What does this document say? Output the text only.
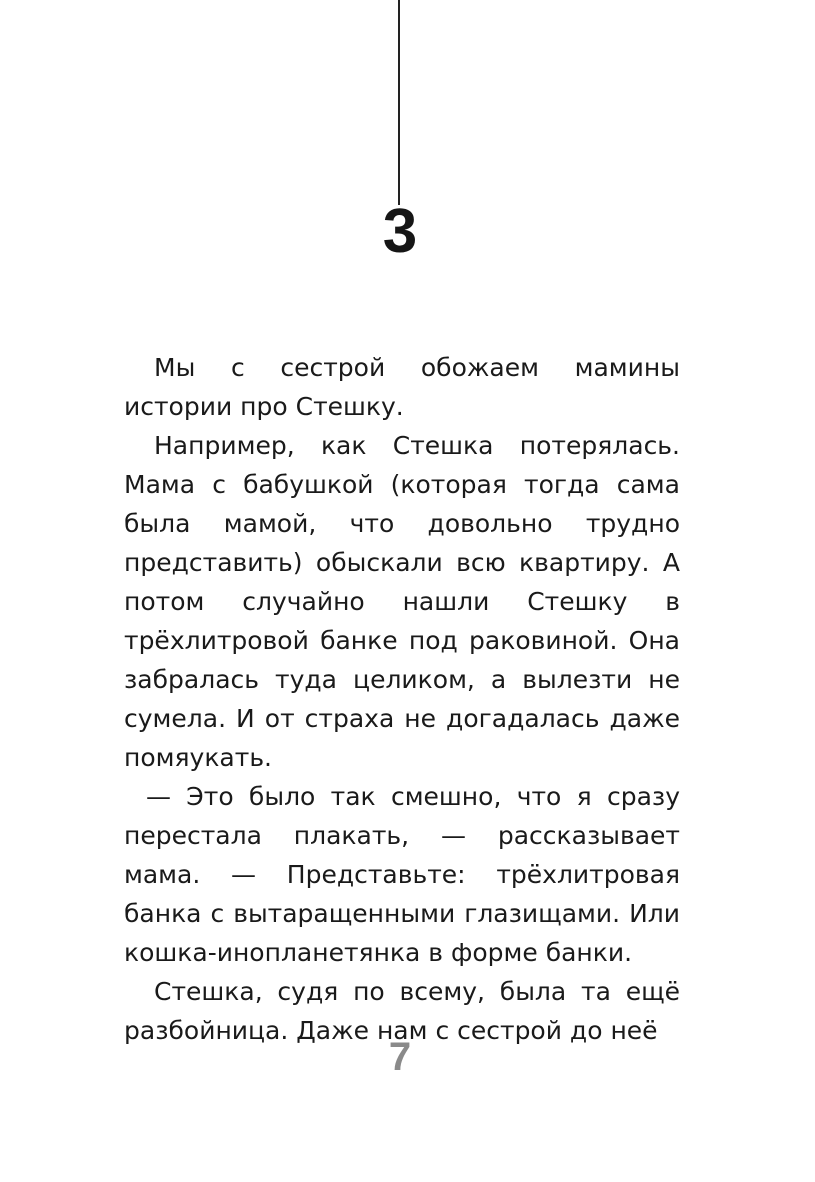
3

Мы с сестрой обожаем мамины истории про Стешку.

Например, как Стешка потерялась. Мама с бабушкой (которая тогда сама была мамой, что довольно трудно представить) обыскали всю квартиру. А потом случайно нашли Стешку в трёхлитровой банке под раковиной. Она забралась туда целиком, а вылезти не сумела. И от страха не догадалась даже помяукать.

— Это было так смешно, что я сразу перестала плакать, — рассказывает мама. — Представьте: трёхлитровая банка с вытаращенными глазищами. Или кошка-инопланетянка в форме банки.

Стешка, судя по всему, была та ещё разбойница. Даже нам с сестрой до неё

7
